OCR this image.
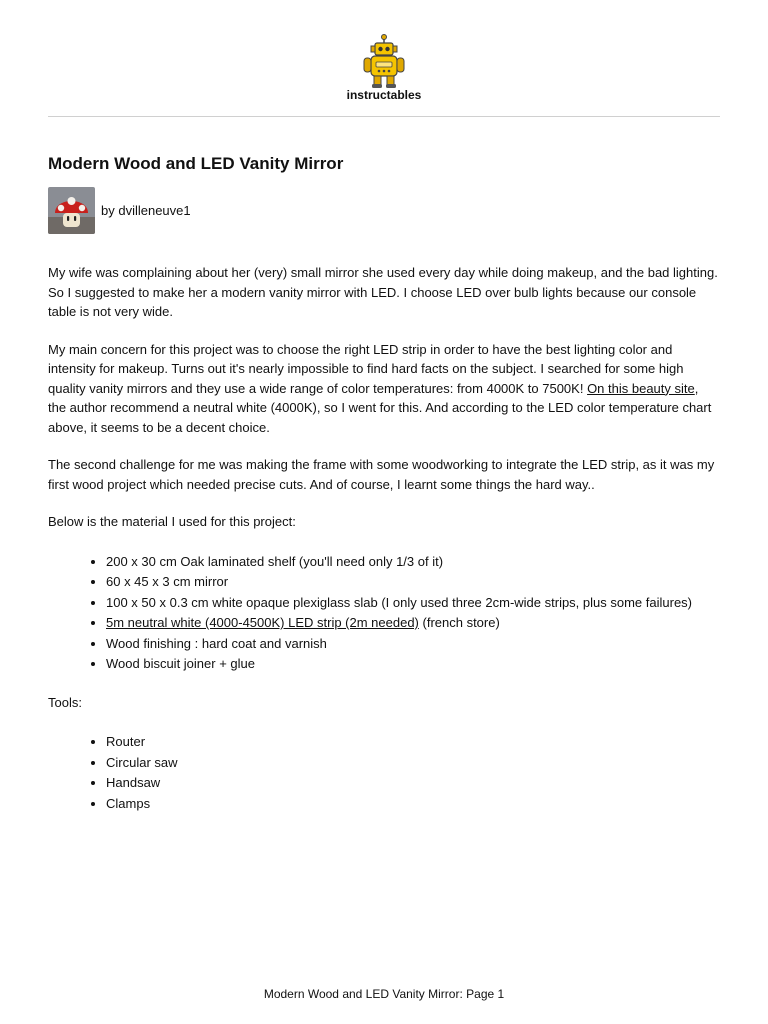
instructables
Modern Wood and LED Vanity Mirror
by dvilleneuve1

My wife was complaining about her (very) small mirror she used every day while doing makeup, and the bad lighting. So I suggested to make her a modern vanity mirror with LED. I choose LED over bulb lights because our console table is not very wide.

My main concern for this project was to choose the right LED strip in order to have the best lighting color and intensity for makeup. Turns out it's nearly impossible to find hard facts on the subject. I searched for some high quality vanity mirrors and they use a wide range of color temperatures: from 4000K to 7500K! On this beauty site, the author recommend a neutral white (4000K), so I went for this. And according to the LED color temperature chart above, it seems to be a decent choice.

The second challenge for me was making the frame with some woodworking to integrate the LED strip, as it was my first wood project which needed precise cuts. And of course, I learnt some things the hard way..

Below is the material I used for this project:

• 200 x 30 cm Oak laminated shelf (you'll need only 1/3 of it)
• 60 x 45 x 3 cm mirror
• 100 x 50 x 0.3 cm white opaque plexiglass slab (I only used three 2cm-wide strips, plus some failures)
• 5m neutral white (4000-4500K) LED strip (2m needed) (french store)
• Wood finishing : hard coat and varnish
• Wood biscuit joiner + glue

Tools:

• Router
• Circular saw
• Handsaw
• Clamps
Modern Wood and LED Vanity Mirror: Page 1
